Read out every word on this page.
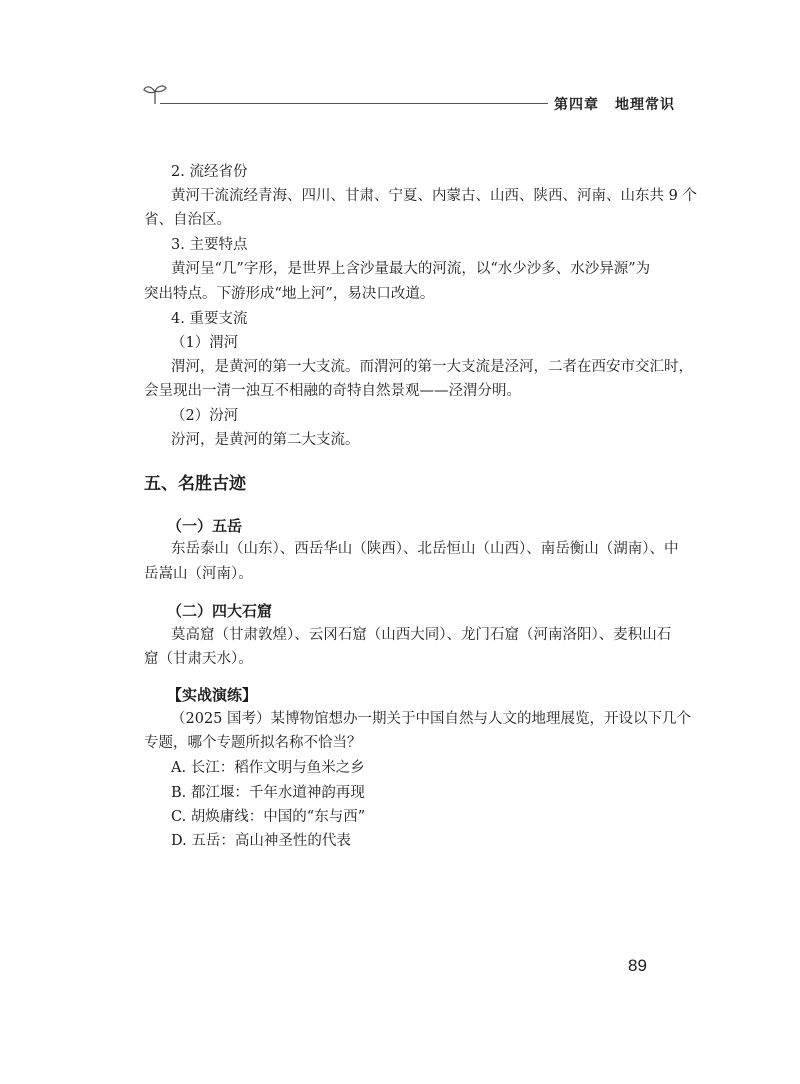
第四章 地理常识
2. 流经省份
黄河干流流经青海、四川、甘肃、宁夏、内蒙古、山西、陕西、河南、山东共 9 个
省、自治区。
3. 主要特点
黄河呈“几”字形，是世界上含沙量最大的河流，以“水少沙多、水沙异源”为
突出特点。下游形成“地上河”，易决口改道。
4. 重要支流
（1）渭河
渭河，是黄河的第一大支流。而渭河的第一大支流是泾河，二者在西安市交汇时，
会呈现出一清一浊互不相融的奇特自然景观——泾渭分明。
（2）汾河
汾河，是黄河的第二大支流。
五、名胜古迹
（一）五岳
东岳泰山（山东）、西岳华山（陕西）、北岳恒山（山西）、南岳衡山（湖南）、中
岳嵩山（河南）。
（二）四大石窟
莫高窟（甘肃敦煌）、云冈石窟（山西大同）、龙门石窟（河南洛阳）、麦积山石
窟（甘肃天水）。
【实战演练】
（2025 国考）某博物馆想办一期关于中国自然与人文的地理展览，开设以下几个
专题，哪个专题所拟名称不恰当？
A. 长江：稻作文明与鱼米之乡
B. 都江堰：千年水道神韵再现
C. 胡焕庸线：中国的“东与西”
D. 五岳：高山神圣性的代表
89
